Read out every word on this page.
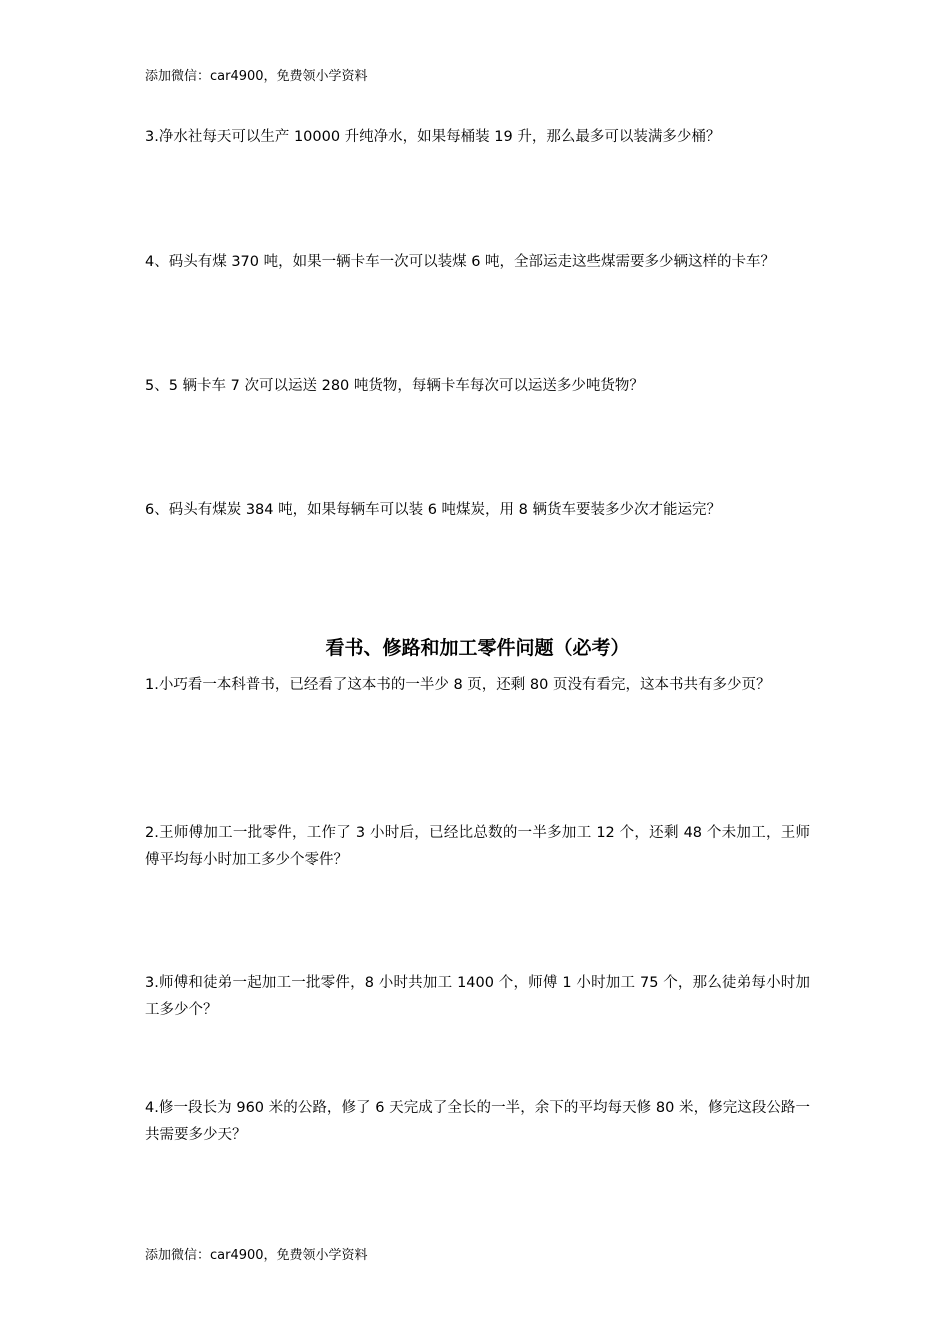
添加微信：car4900，免费领小学资料
3.净水社每天可以生产 10000 升纯净水，如果每桶装 19 升，那么最多可以装满多少桶？
4、码头有煤 370 吨，如果一辆卡车一次可以装煤 6 吨，全部运走这些煤需要多少辆这样的卡车？
5、5 辆卡车 7 次可以运送 280 吨货物，每辆卡车每次可以运送多少吨货物？
6、码头有煤炭 384 吨，如果每辆车可以装 6 吨煤炭，用 8 辆货车要装多少次才能运完？
看书、修路和加工零件问题（必考）
1.小巧看一本科普书，已经看了这本书的一半少 8 页，还剩 80 页没有看完，这本书共有多少页？
2.王师傅加工一批零件，工作了 3 小时后，已经比总数的一半多加工 12 个，还剩 48 个未加工，王师傅平均每小时加工多少个零件？
3.师傅和徒弟一起加工一批零件，8 小时共加工 1400 个，师傅 1 小时加工 75 个，那么徒弟每小时加工多少个？
4.修一段长为 960 米的公路，修了 6 天完成了全长的一半，余下的平均每天修 80 米，修完这段公路一共需要多少天？
添加微信：car4900，免费领小学资料
